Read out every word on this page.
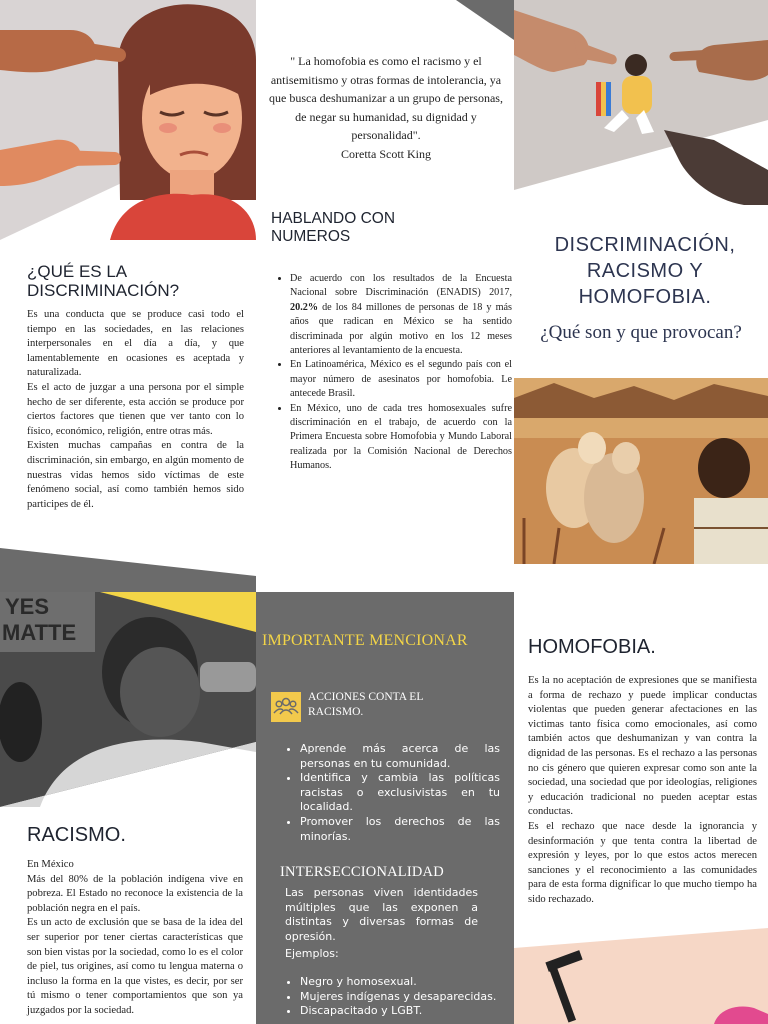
¿QUÉ ES LA DISCRIMINACIÓN?

Es una conducta que se produce casi todo el tiempo en las sociedades, en las relaciones interpersonales en el día a día, y que lamentablemente en ocasiones es aceptada y naturalizada.

Es el acto de juzgar a una persona por el simple hecho de ser diferente, esta acción se produce por ciertos factores que tienen que ver tanto con lo físico, económico, religión, entre otras más.

Existen muchas campañas en contra de la discriminación, sin embargo, en algún momento de nuestras vidas hemos sido víctimas de este fenómeno social, así como también hemos sido participes de él.

" La homofobia es como el racismo y el antisemitismo y otras formas de intolerancia, ya que busca deshumanizar a un grupo de personas, de negar su humanidad, su dignidad y personalidad".

Coretta Scott King

HABLANDO CON NUMEROS
• De acuerdo con los resultados de la Encuesta Nacional sobre Discriminación (ENADIS) 2017, 20.2% de los 84 millones de personas de 18 y más años que radican en México se ha sentido discriminada por algún motivo en los 12 meses anteriores al levantamiento de la encuesta.
• En Latinoamérica, México es el segundo país con el mayor número de asesinatos por homofobia. Le antecede Brasil.
• En México, uno de cada tres homosexuales sufre discriminación en el trabajo, de acuerdo con la Primera Encuesta sobre Homofobia y Mundo Laboral realizada por la Comisión Nacional de Derechos Humanos.
DISCRIMINACIÓN, RACISMO Y HOMOFOBIA.
¿Qué son y que provocan?
YES
MATTE
RACISMO.

En México

Más del 80% de la población indígena vive en pobreza. El Estado no reconoce la existencia de la población negra en el país.

Es un acto de exclusión que se basa de la idea del ser superior por tener ciertas características que son bien vistas por la sociedad, como lo es el color de piel, tus origines, así como tu lengua materna o incluso la forma en la que vistes, es decir, por ser tú mismo o tener comportamientos que son ya juzgados por la sociedad.

IMPORTANTE MENCIONAR
ACCIONES CONTA EL RACISMO.
• Aprende más acerca de las personas en tu comunidad.
• Identifica y cambia las políticas racistas o exclusivistas en tu localidad.
• Promover los derechos de las minorías.
INTERSECCIONALIDAD
Las personas viven identidades múltiples que las exponen a distintas y diversas formas de opresión.
Ejemplos:
• Negro y homosexual.
• Mujeres indígenas y desaparecidas.
• Discapacitado y LGBT.
HOMOFOBIA.

Es la no aceptación de expresiones que se manifiesta a forma de rechazo y puede implicar conductas violentas que pueden generar afectaciones en las victimas tanto física como emocionales, así como también actos que deshumanizan y van contra la dignidad de las personas. Es el rechazo a las personas no cis género que quieren expresar como son ante la sociedad, una sociedad que por ideologías, religiones y educación tradicional no pueden aceptar estas conductas.

Es el rechazo que nace desde la ignorancia y desinformación y que tenta contra la libertad de expresión y leyes, por lo que estos actos merecen sanciones y el reconocimiento a las comunidades para de esta forma dignificar lo que mucho tiempo ha sido rechazado.
